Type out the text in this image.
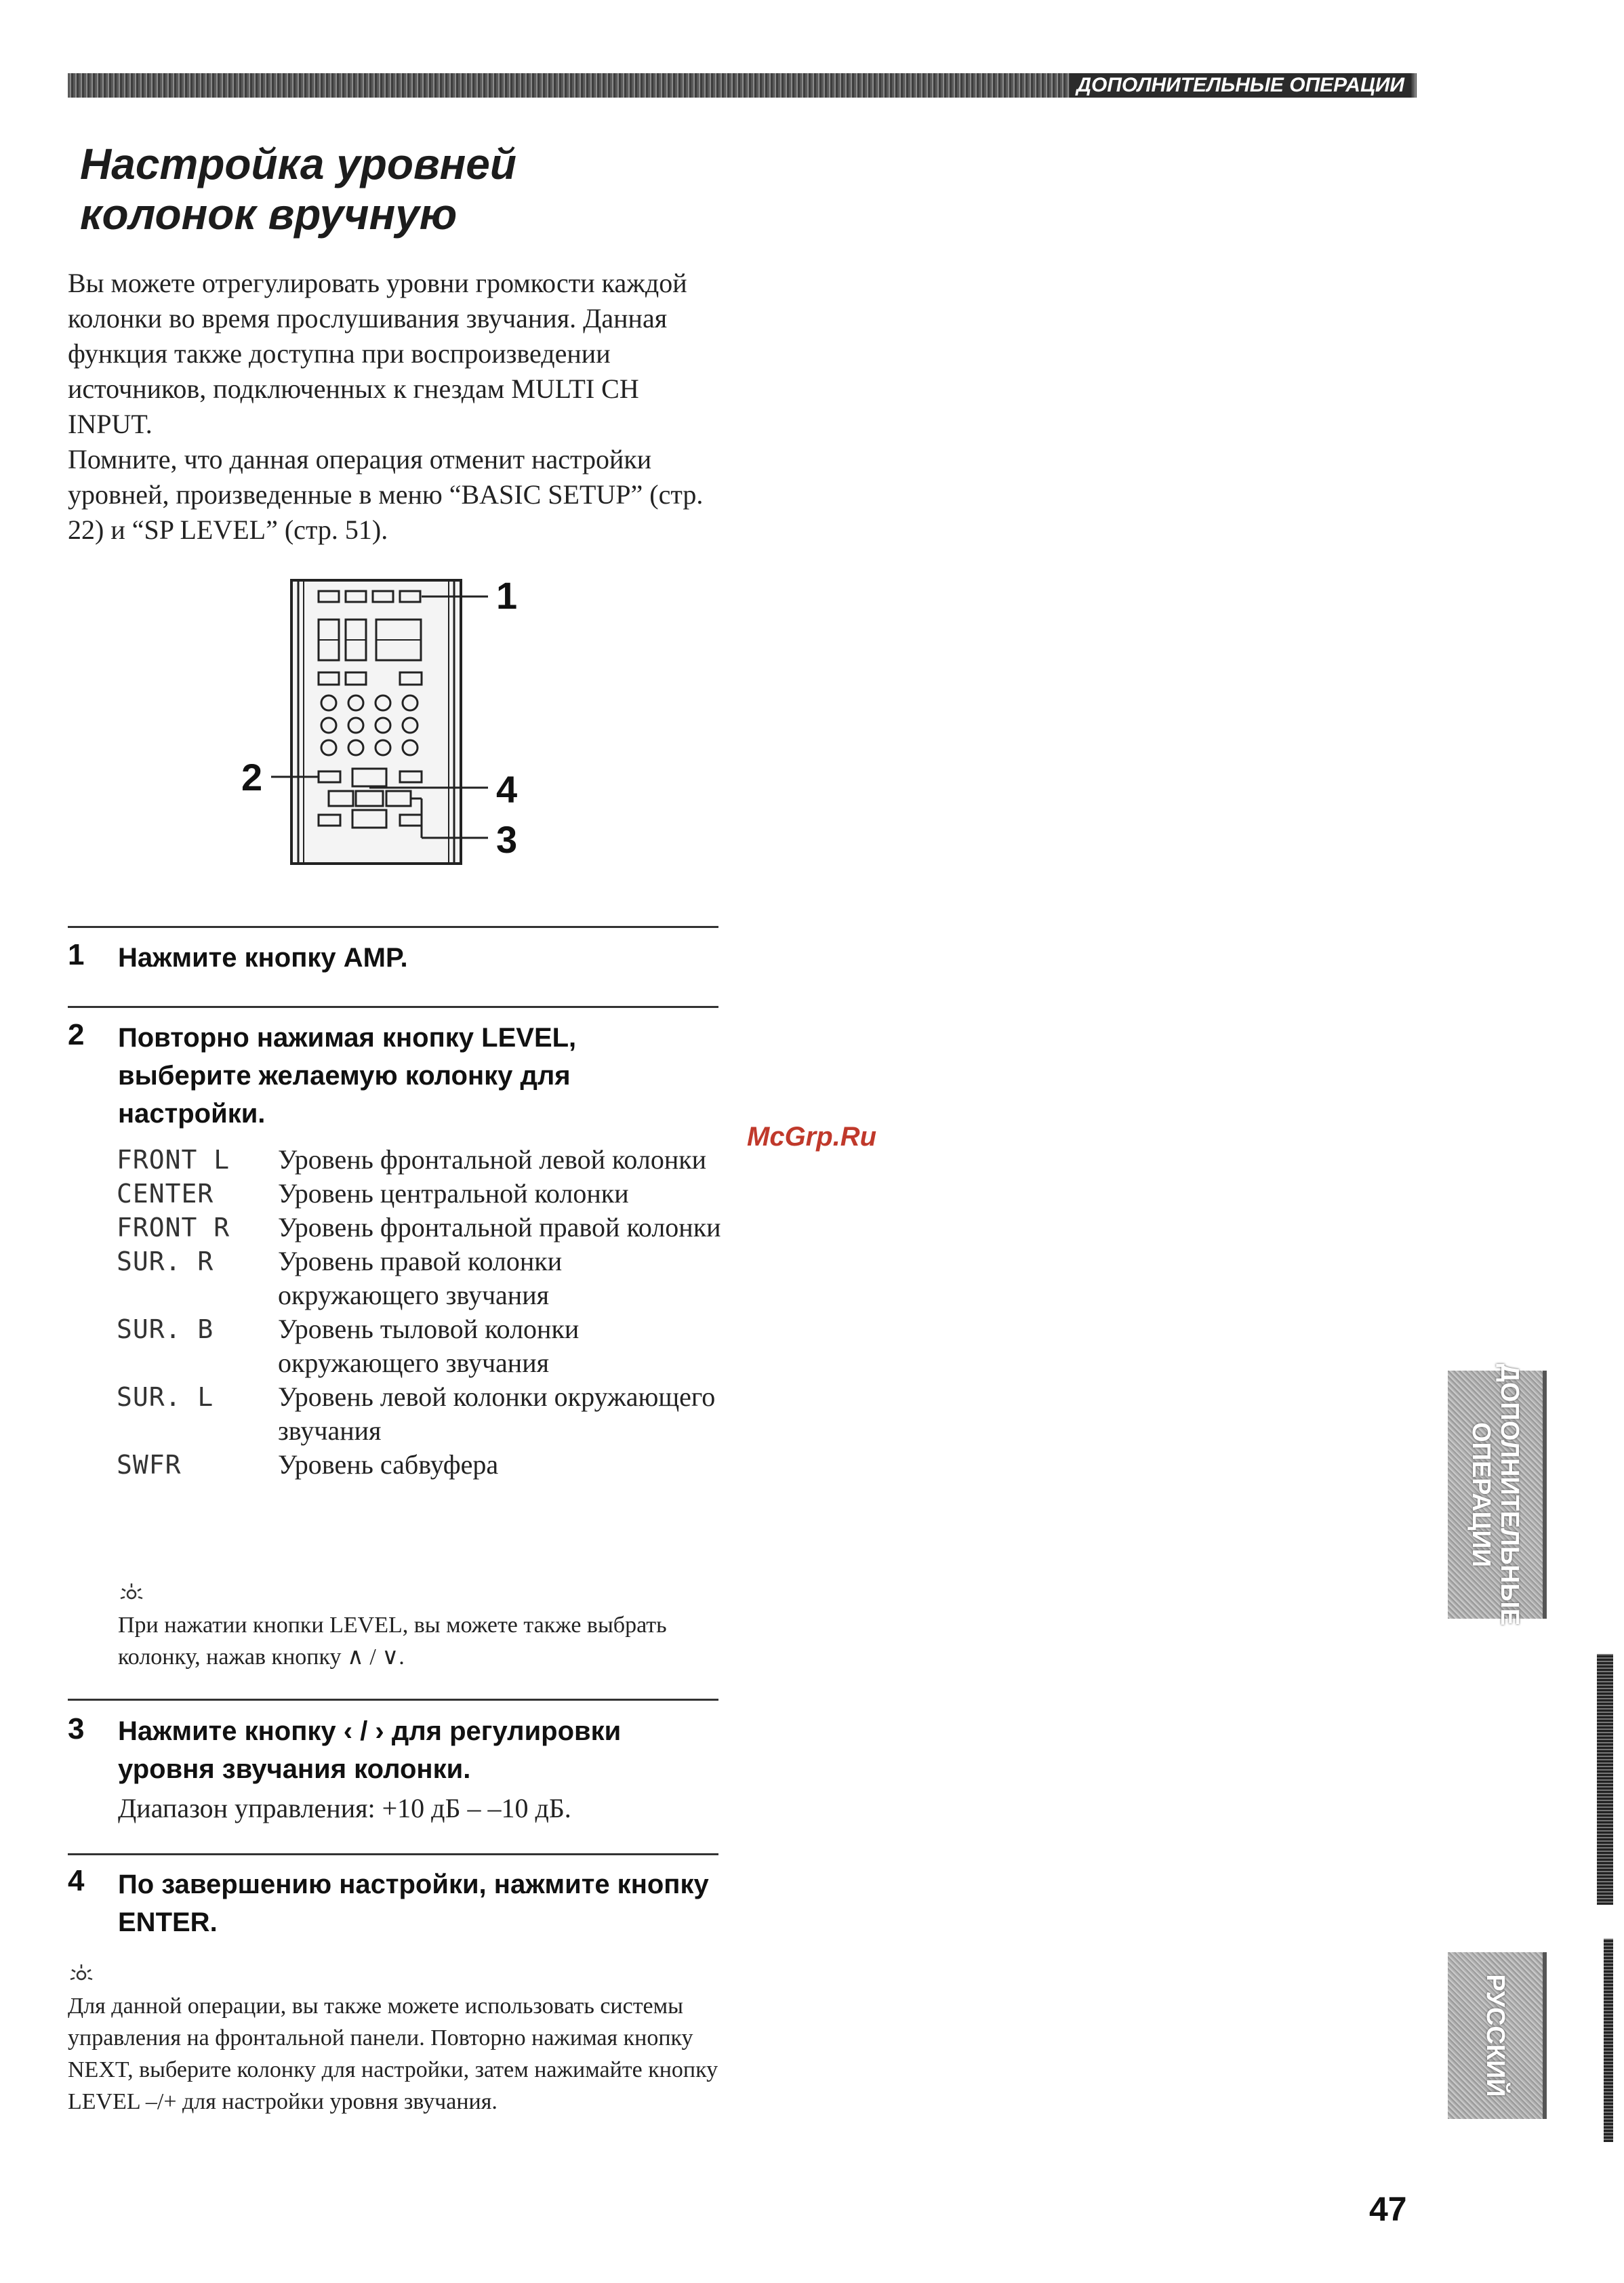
ДОПОЛНИТЕЛЬНЫЕ ОПЕРАЦИИ
Настройка уровней
колонок вручную

Вы можете отрегулировать уровни громкости каждой колонки во время прослушивания звучания. Данная функция также доступна при воспроизведении источников, подключенных к гнездам MULTI CH INPUT.

Помните, что данная операция отменит настройки уровней, произведенные в меню “BASIC SETUP” (стр. 22) и “SP LEVEL” (стр. 51).

1
2	4
3
1 Нажмите кнопку AMP.

2 Повторно нажимая кнопку LEVEL, выберите желаемую колонку для настройки.

FRONT L	Уровень фронтальной левой колонки
CENTER	Уровень центральной колонки
FRONT R	Уровень фронтальной правой колонки
SUR. R	Уровень правой колонки окружающего звучания
SUR. B	Уровень тыловой колонки окружающего звучания
SUR. L	Уровень левой колонки окружающего звучания
SWFR	Уровень сабвуфера

При нажатии кнопки LEVEL, вы можете также выбрать колонку, нажав кнопку ∧ / ∨.

3 Нажмите кнопку ‹ / › для регулировки уровня звучания колонки.

Диапазон управления: +10 дБ – –10 дБ.

4 По завершению настройки, нажмите кнопку ENTER.

Для данной операции, вы также можете использовать системы управления на фронтальной панели. Повторно нажимая кнопку NEXT, выберите колонку для настройки, затем нажимайте кнопку LEVEL –/+ для настройки уровня звучания.

McGrp.Ru
ДОПОЛНИТЕЛЬНЫЕ
ОПЕРАЦИИ
РУССКИЙ
47
